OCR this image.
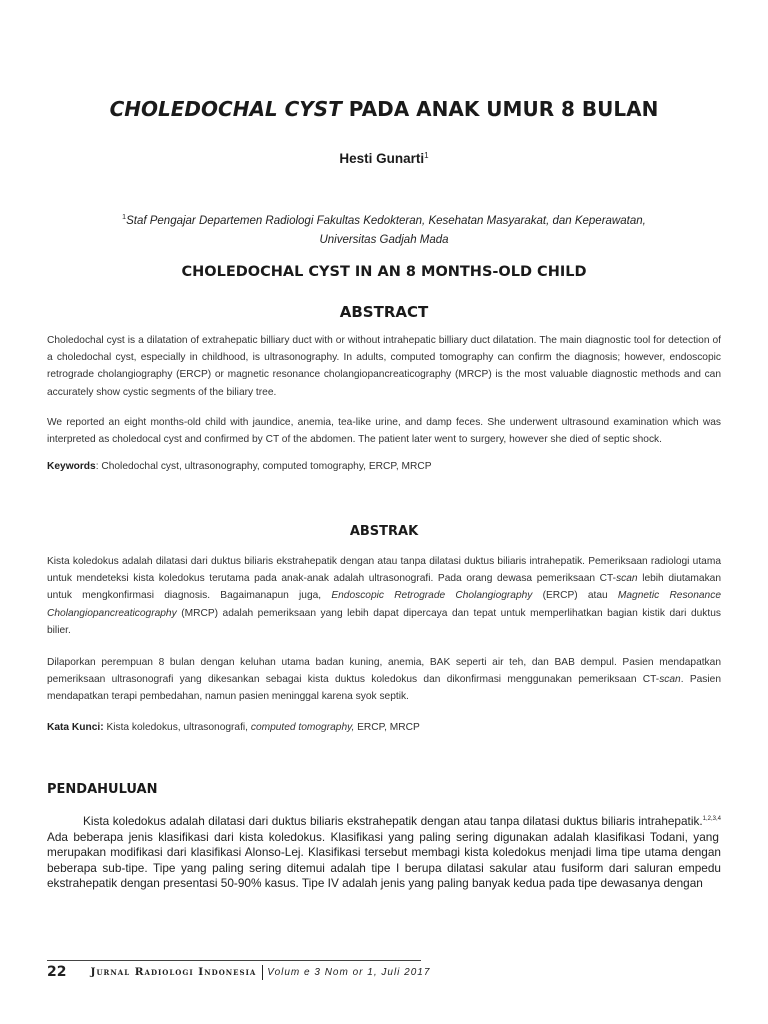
CHOLEDOCHAL CYST PADA ANAK UMUR 8 BULAN
Hesti Gunarti$^1$
$^1$Staf Pengajar Departemen Radiologi Fakultas Kedokteran, Kesehatan Masyarakat, dan Keperawatan,
Universitas Gadjah Mada
CHOLEDOCHAL CYST IN AN 8 MONTHS-OLD CHILD
ABSTRACT
Choledochal cyst is a dilatation of extrahepatic billiary duct with or without intrahepatic billiary duct dilatation. The main diagnostic tool for detection of a choledochal cyst, especially in childhood, is ultrasonography. In adults, computed tomography can confirm the diagnosis; however, endoscopic retrograde cholangiography (ERCP) or magnetic resonance cholangiopancreaticography (MRCP) is the most valuable diagnostic methods and can accurately show cystic segments of the biliary tree.
We reported an eight months-old child with jaundice, anemia, tea-like urine, and damp feces. She underwent ultrasound examination which was interpreted as choledocal cyst and confirmed by CT of the abdomen. The patient later went to surgery, however she died of septic shock.
Keywords: Choledochal cyst, ultrasonography, computed tomography, ERCP, MRCP
ABSTRAK
Kista koledokus adalah dilatasi dari duktus biliaris ekstrahepatik dengan atau tanpa dilatasi duktus biliaris intrahepatik. Pemeriksaan radiologi utama untuk mendeteksi kista koledokus terutama pada anak-anak adalah ultrasonografi. Pada orang dewasa pemeriksaan CT-scan lebih diutamakan untuk mengkonfirmasi diagnosis. Bagaimanapun juga, Endoscopic Retrograde Cholangiography (ERCP) atau Magnetic Resonance Cholangiopancreaticography (MRCP) adalah pemeriksaan yang lebih dapat dipercaya dan tepat untuk memperlihatkan bagian kistik dari duktus bilier.
Dilaporkan perempuan 8 bulan dengan keluhan utama badan kuning, anemia, BAK seperti air teh, dan BAB dempul. Pasien mendapatkan pemeriksaan ultrasonografi yang dikesankan sebagai kista duktus koledokus dan dikonfirmasi menggunakan pemeriksaan CT-scan. Pasien mendapatkan terapi pembedahan, namun pasien meninggal karena syok septik.
Kata Kunci: Kista koledokus, ultrasonografi, computed tomography, ERCP, MRCP
PENDAHULUAN
Kista koledokus adalah dilatasi dari duktus biliaris ekstrahepatik dengan atau tanpa dilatasi duktus biliaris intrahepatik.$^{1,2,3,4}$ Ada beberapa jenis klasifikasi dari kista koledokus. Klasifikasi yang paling sering digunakan adalah klasifikasi Todani, yang merupakan modifikasi dari klasifikasi Alonso-Lej. Klasifikasi tersebut membagi kista koledokus menjadi lima tipe utama dengan beberapa sub-tipe. Tipe yang paling sering ditemui adalah tipe I berupa dilatasi sakular atau fusiform dari saluran empedu ekstrahepatik dengan presentasi 50-90% kasus. Tipe IV adalah jenis yang paling banyak kedua pada tipe dewasanya dengan
22 Jurnal Radiologi Indonesia Volum e 3 Nom or 1, Juli 2017
